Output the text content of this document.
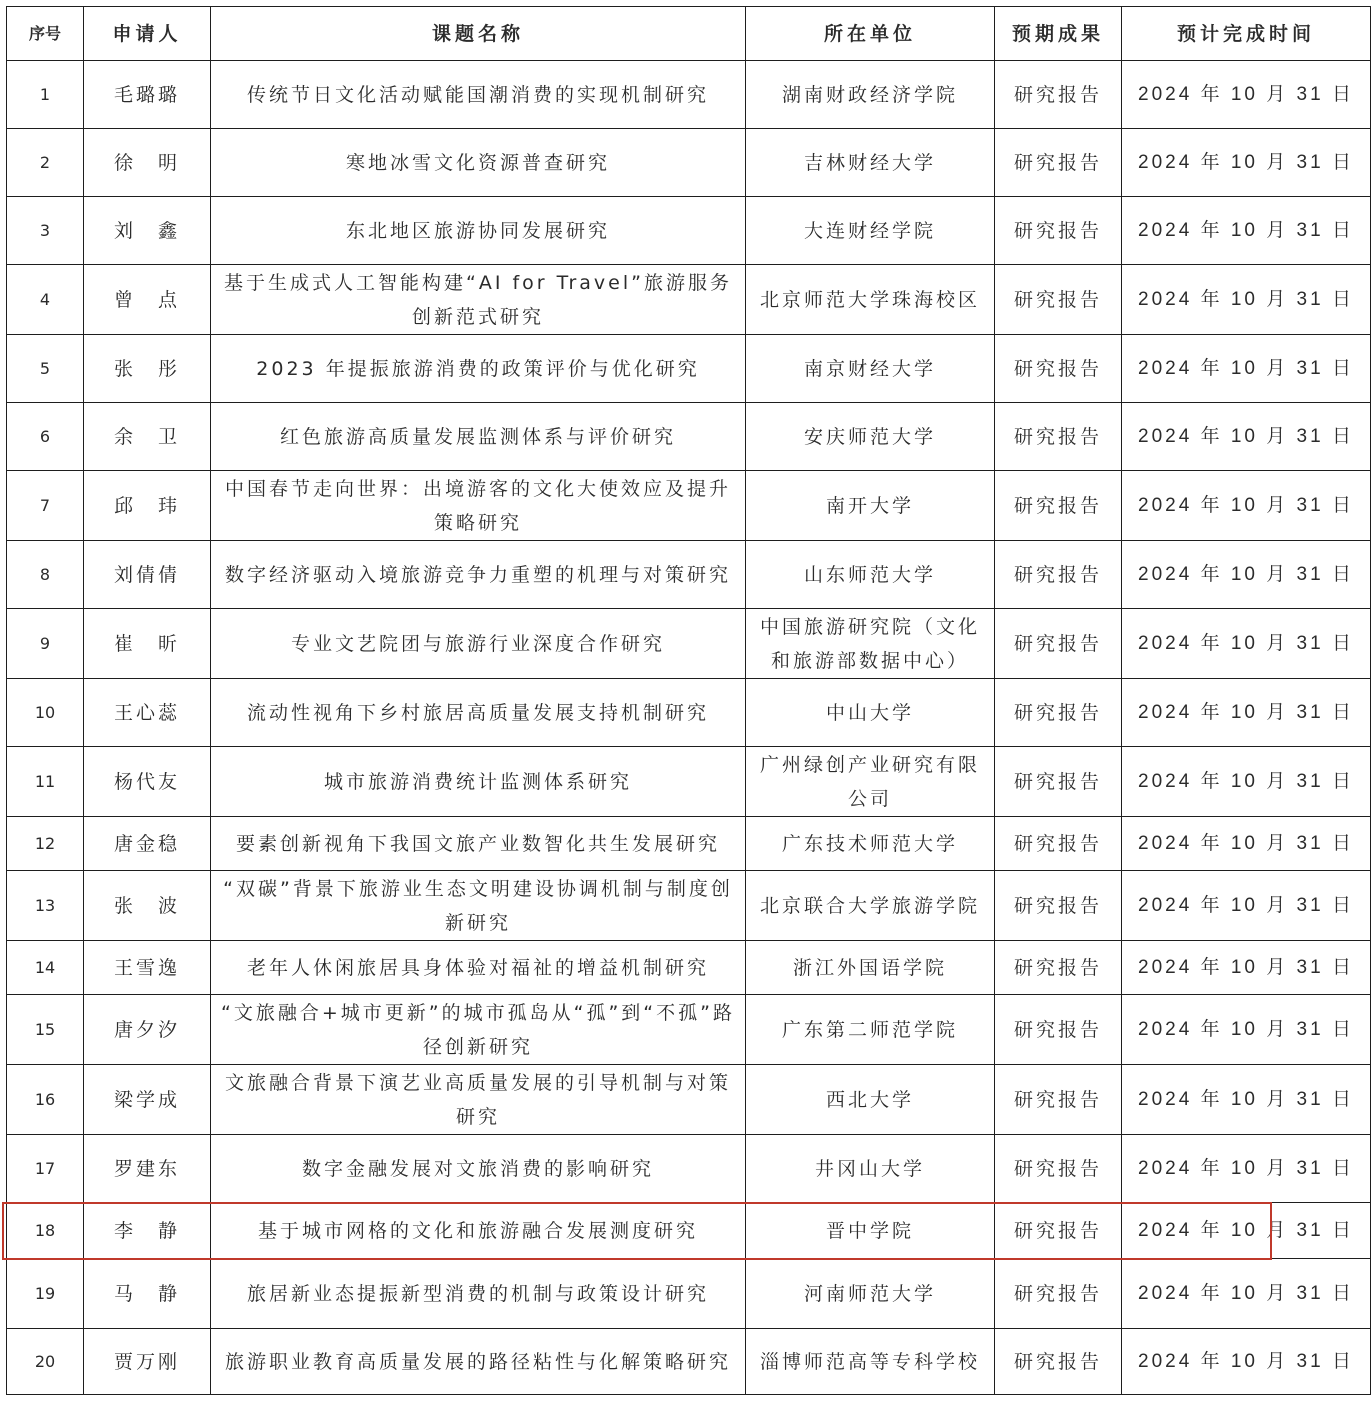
序号	申请人	课题名称	所在单位	预期成果	预计完成时间
1	毛璐璐	传统节日文化活动赋能国潮消费的实现机制研究	湖南财政经济学院	研究报告	2024 年 10 月 31 日
2	徐　明	寒地冰雪文化资源普查研究	吉林财经大学	研究报告	2024 年 10 月 31 日
3	刘　鑫	东北地区旅游协同发展研究	大连财经学院	研究报告	2024 年 10 月 31 日
4	曾　点	基于生成式人工智能构建“AI for Travel”旅游服务创新范式研究	北京师范大学珠海校区	研究报告	2024 年 10 月 31 日
5	张　彤	2023 年提振旅游消费的政策评价与优化研究	南京财经大学	研究报告	2024 年 10 月 31 日
6	余　卫	红色旅游高质量发展监测体系与评价研究	安庆师范大学	研究报告	2024 年 10 月 31 日
7	邱　玮	中国春节走向世界：出境游客的文化大使效应及提升策略研究	南开大学	研究报告	2024 年 10 月 31 日
8	刘倩倩	数字经济驱动入境旅游竞争力重塑的机理与对策研究	山东师范大学	研究报告	2024 年 10 月 31 日
9	崔　昕	专业文艺院团与旅游行业深度合作研究	中国旅游研究院（文化和旅游部数据中心）	研究报告	2024 年 10 月 31 日
10	王心蕊	流动性视角下乡村旅居高质量发展支持机制研究	中山大学	研究报告	2024 年 10 月 31 日
11	杨代友	城市旅游消费统计监测体系研究	广州绿创产业研究有限公司	研究报告	2024 年 10 月 31 日
12	唐金稳	要素创新视角下我国文旅产业数智化共生发展研究	广东技术师范大学	研究报告	2024 年 10 月 31 日
13	张　波	“双碳”背景下旅游业生态文明建设协调机制与制度创新研究	北京联合大学旅游学院	研究报告	2024 年 10 月 31 日
14	王雪逸	老年人休闲旅居具身体验对福祉的增益机制研究	浙江外国语学院	研究报告	2024 年 10 月 31 日
15	唐夕汐	“文旅融合+城市更新”的城市孤岛从“孤”到“不孤”路径创新研究	广东第二师范学院	研究报告	2024 年 10 月 31 日
16	梁学成	文旅融合背景下演艺业高质量发展的引导机制与对策研究	西北大学	研究报告	2024 年 10 月 31 日
17	罗建东	数字金融发展对文旅消费的影响研究	井冈山大学	研究报告	2024 年 10 月 31 日
18	李　静	基于城市网格的文化和旅游融合发展测度研究	晋中学院	研究报告	2024 年 10 月 31 日
19	马　静	旅居新业态提振新型消费的机制与政策设计研究	河南师范大学	研究报告	2024 年 10 月 31 日
20	贾万刚	旅游职业教育高质量发展的路径粘性与化解策略研究	淄博师范高等专科学校	研究报告	2024 年 10 月 31 日
